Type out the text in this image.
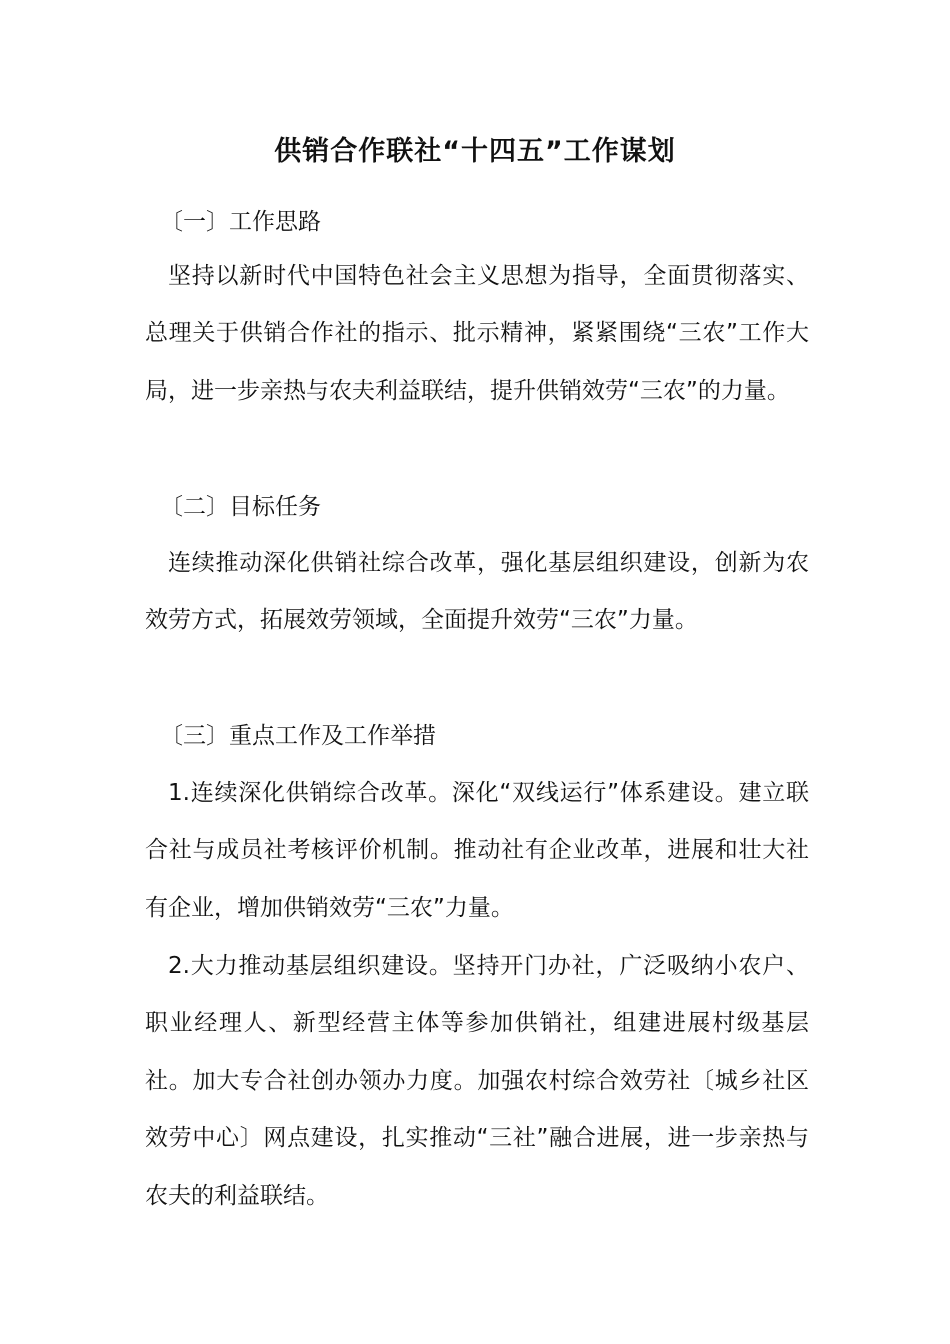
供销合作联社“十四五”工作谋划
〔一〕工作思路
坚持以新时代中国特色社会主义思想为指导，全面贯彻落实、总理关于供销合作社的指示、批示精神，紧紧围绕“三农”工作大局，进一步亲热与农夫利益联结，提升供销效劳“三农”的力量。
〔二〕目标任务
连续推动深化供销社综合改革，强化基层组织建设，创新为农效劳方式，拓展效劳领域，全面提升效劳“三农”力量。
〔三〕重点工作及工作举措
1.连续深化供销综合改革。深化“双线运行”体系建设。建立联合社与成员社考核评价机制。推动社有企业改革，进展和壮大社有企业，增加供销效劳“三农”力量。
2.大力推动基层组织建设。坚持开门办社，广泛吸纳小农户、职业经理人、新型经营主体等参加供销社，组建进展村级基层社。加大专合社创办领办力度。加强农村综合效劳社〔城乡社区效劳中心〕网点建设，扎实推动“三社”融合进展，进一步亲热与农夫的利益联结。
